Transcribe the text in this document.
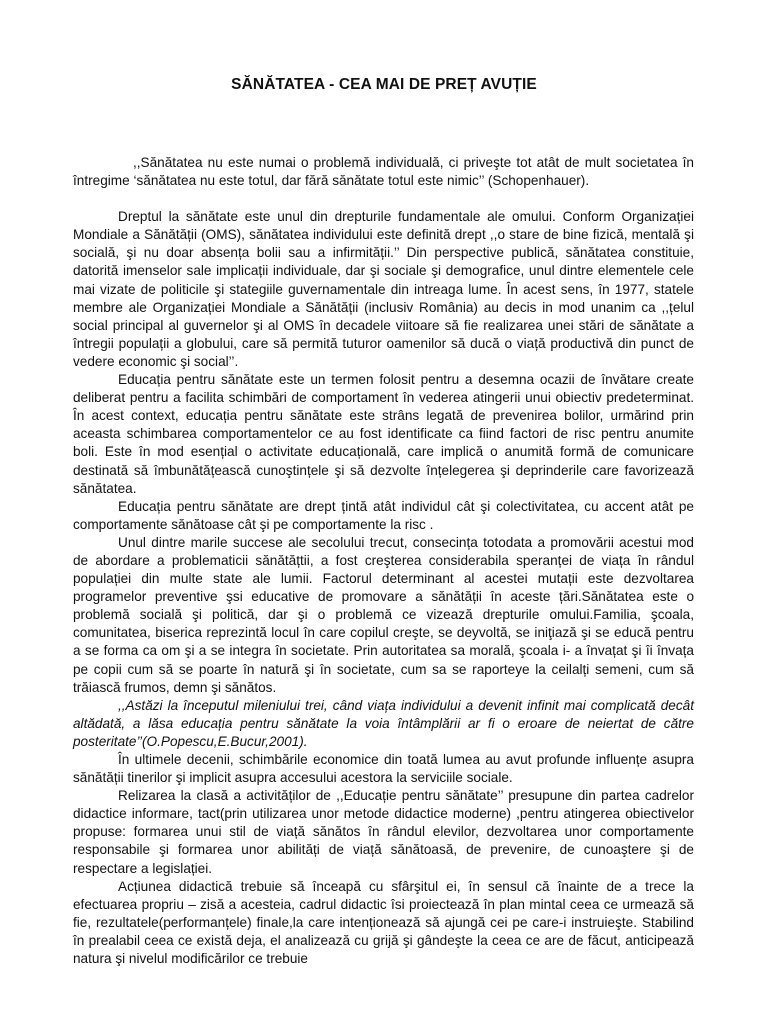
SĂNĂTATEA - CEA MAI DE PREȚ AVUȚIE

,,Sănătatea nu este numai o problemă individuală, ci priveşte tot atât de mult societatea în întregime ‘sănătatea nu este totul, dar fără sănătate totul este nimic’’ (Schopenhauer).

Dreptul la sănătate este unul din drepturile fundamentale ale omului. Conform Organizației Mondiale a Sănătății (OMS), sănătatea individului este definită drept ,,o stare de bine fizică, mentală şi socială, şi nu doar absența bolii sau a infirmității.’’ Din perspective publică, sănătatea constituie, datorită imenselor sale implicații individuale, dar şi sociale şi demografice, unul dintre elementele cele mai vizate de politicile şi stategiile guvernamentale din intreaga lume. În acest sens, în 1977, statele membre ale Organizației Mondiale a Sănătății (inclusiv România) au decis in mod unanim ca ,,țelul social principal al guvernelor şi al OMS în decadele viitoare să fie realizarea unei stări de sănătate a întregii populații a globului, care să permită tuturor oamenilor să ducă o viață productivă din punct de vedere economic şi social’’.

Educația pentru sănătate este un termen folosit pentru a desemna ocazii de învătare create deliberat pentru a facilita schimbări de comportament în vederea atingerii unui obiectiv predeterminat. În acest context, educația pentru sănătate este strâns legată de prevenirea bolilor, urmărind prin aceasta schimbarea comportamentelor ce au fost identificate ca fiind factori de risc pentru anumite boli. Este în mod esențial o activitate educațională, care implică o anumită formă de comunicare destinată să îmbunătățească cunoştințele şi să dezvolte înțelegerea şi deprinderile care favorizează sănătatea.

Educația pentru sănătate are drept țintă atât individul cât şi colectivitatea, cu accent atât pe comportamente sănătoase cât şi pe comportamente la risc .

Unul dintre marile succese ale secolului trecut, consecința totodata a promovării acestui mod de abordare a problematicii sănătățtii, a fost creşterea considerabila speranței de viața în rândul populației din multe state ale lumii. Factorul determinant al acestei mutații este dezvoltarea programelor preventive şsi educative de promovare a sănătății în aceste țări.Sănătatea este o problemă socială şi politică, dar şi o problemă ce vizează drepturile omului.Familia, şcoala, comunitatea, biserica reprezintă locul în care copilul creşte, se deyvoltă, se iniţiază şi se educă pentru a se forma ca om şi a se integra în societate. Prin autoritatea sa morală, şcoala i- a învațat şi îi învața pe copii cum să se poarte în natură şi în societate, cum sa se raporteye la ceilalți semeni, cum să trăiască frumos, demn şi sănătos.

,,Astăzi la începutul mileniului trei, când viața individului a devenit infinit mai complicată decât altădată, a lăsa educația pentru sănătate la voia întâmplării ar fi o eroare de neiertat de către posteritate’’(O.Popescu,E.Bucur,2001).

În ultimele decenii, schimbările economice din toată lumea au avut profunde influențe asupra sănătății tinerilor şi implicit asupra accesului acestora la serviciile sociale.

Relizarea la clasă a activităților de ,,Educație pentru sănătate’’ presupune din partea cadrelor didactice informare, tact(prin utilizarea unor metode didactice moderne) ,pentru atingerea obiectivelor propuse: formarea unui stil de viață sănătos în rândul elevilor, dezvoltarea unor comportamente responsabile şi formarea unor abilități de viață sănătoasă, de prevenire, de cunoaştere şi de respectare a legislației.

Acțiunea didactică trebuie să înceapă cu sfârşitul ei, în sensul că înainte de a trece la efectuarea propriu – zisă a acesteia, cadrul didactic îsi proiectează în plan mintal ceea ce urmează să fie, rezultatele(performanțele) finale,la care intenționează să ajungă cei pe care-i instruieşte. Stabilind în prealabil ceea ce există deja, el analizează cu grijă şi gândeşte la ceea ce are de făcut, anticipează natura şi nivelul modificărilor ce trebuie
